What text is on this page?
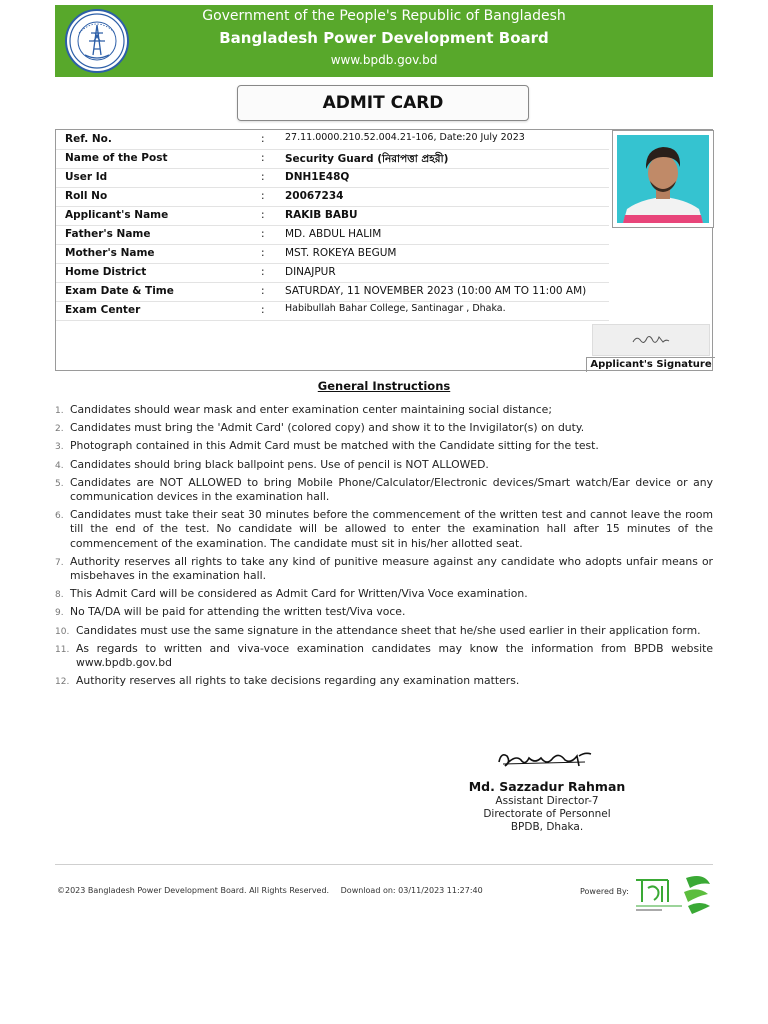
Government of the People's Republic of Bangladesh
Bangladesh Power Development Board
www.bpdb.gov.bd
ADMIT CARD
Ref. No.	: 27.11.0000.210.52.004.21-106, Date:20 July 2023
Name of the Post	: Security Guard (নিরাপত্তা প্রহরী)
User Id	: DNH1E48Q
Roll No	: 20067234
Applicant's Name	: RAKIB BABU
Father's Name	: MD. ABDUL HALIM
Mother's Name	: MST. ROKEYA BEGUM
Home District	: DINAJPUR
Exam Date & Time	: SATURDAY, 11 NOVEMBER 2023 (10:00 AM TO 11:00 AM)
Exam Center	: Habibullah Bahar College, Santinagar , Dhaka.
Applicant's Signature
General Instructions
1. Candidates should wear mask and enter examination center maintaining social distance;
2. Candidates must bring the 'Admit Card' (colored copy) and show it to the Invigilator(s) on duty.
3. Photograph contained in this Admit Card must be matched with the Candidate sitting for the test.
4. Candidates should bring black ballpoint pens. Use of pencil is NOT ALLOWED.
5. Candidates are NOT ALLOWED to bring Mobile Phone/Calculator/Electronic devices/Smart watch/Ear device or any communication devices in the examination hall.
6. Candidates must take their seat 30 minutes before the commencement of the written test and cannot leave the room till the end of the test. No candidate will be allowed to enter the examination hall after 15 minutes of the commencement of the examination. The candidate must sit in his/her allotted seat.
7. Authority reserves all rights to take any kind of punitive measure against any candidate who adopts unfair means or misbehaves in the examination hall.
8. This Admit Card will be considered as Admit Card for Written/Viva Voce examination.
9. No TA/DA will be paid for attending the written test/Viva voce.
10. Candidates must use the same signature in the attendance sheet that he/she used earlier in their application form.
11. As regards to written and viva-voce examination candidates may know the information from BPDB website www.bpdb.gov.bd
12. Authority reserves all rights to take decisions regarding any examination matters.
Md. Sazzadur Rahman
Assistant Director-7
Directorate of Personnel
BPDB, Dhaka.
©2023 Bangladesh Power Development Board. All Rights Reserved. Download on: 03/11/2023 11:27:40	Powered By:
